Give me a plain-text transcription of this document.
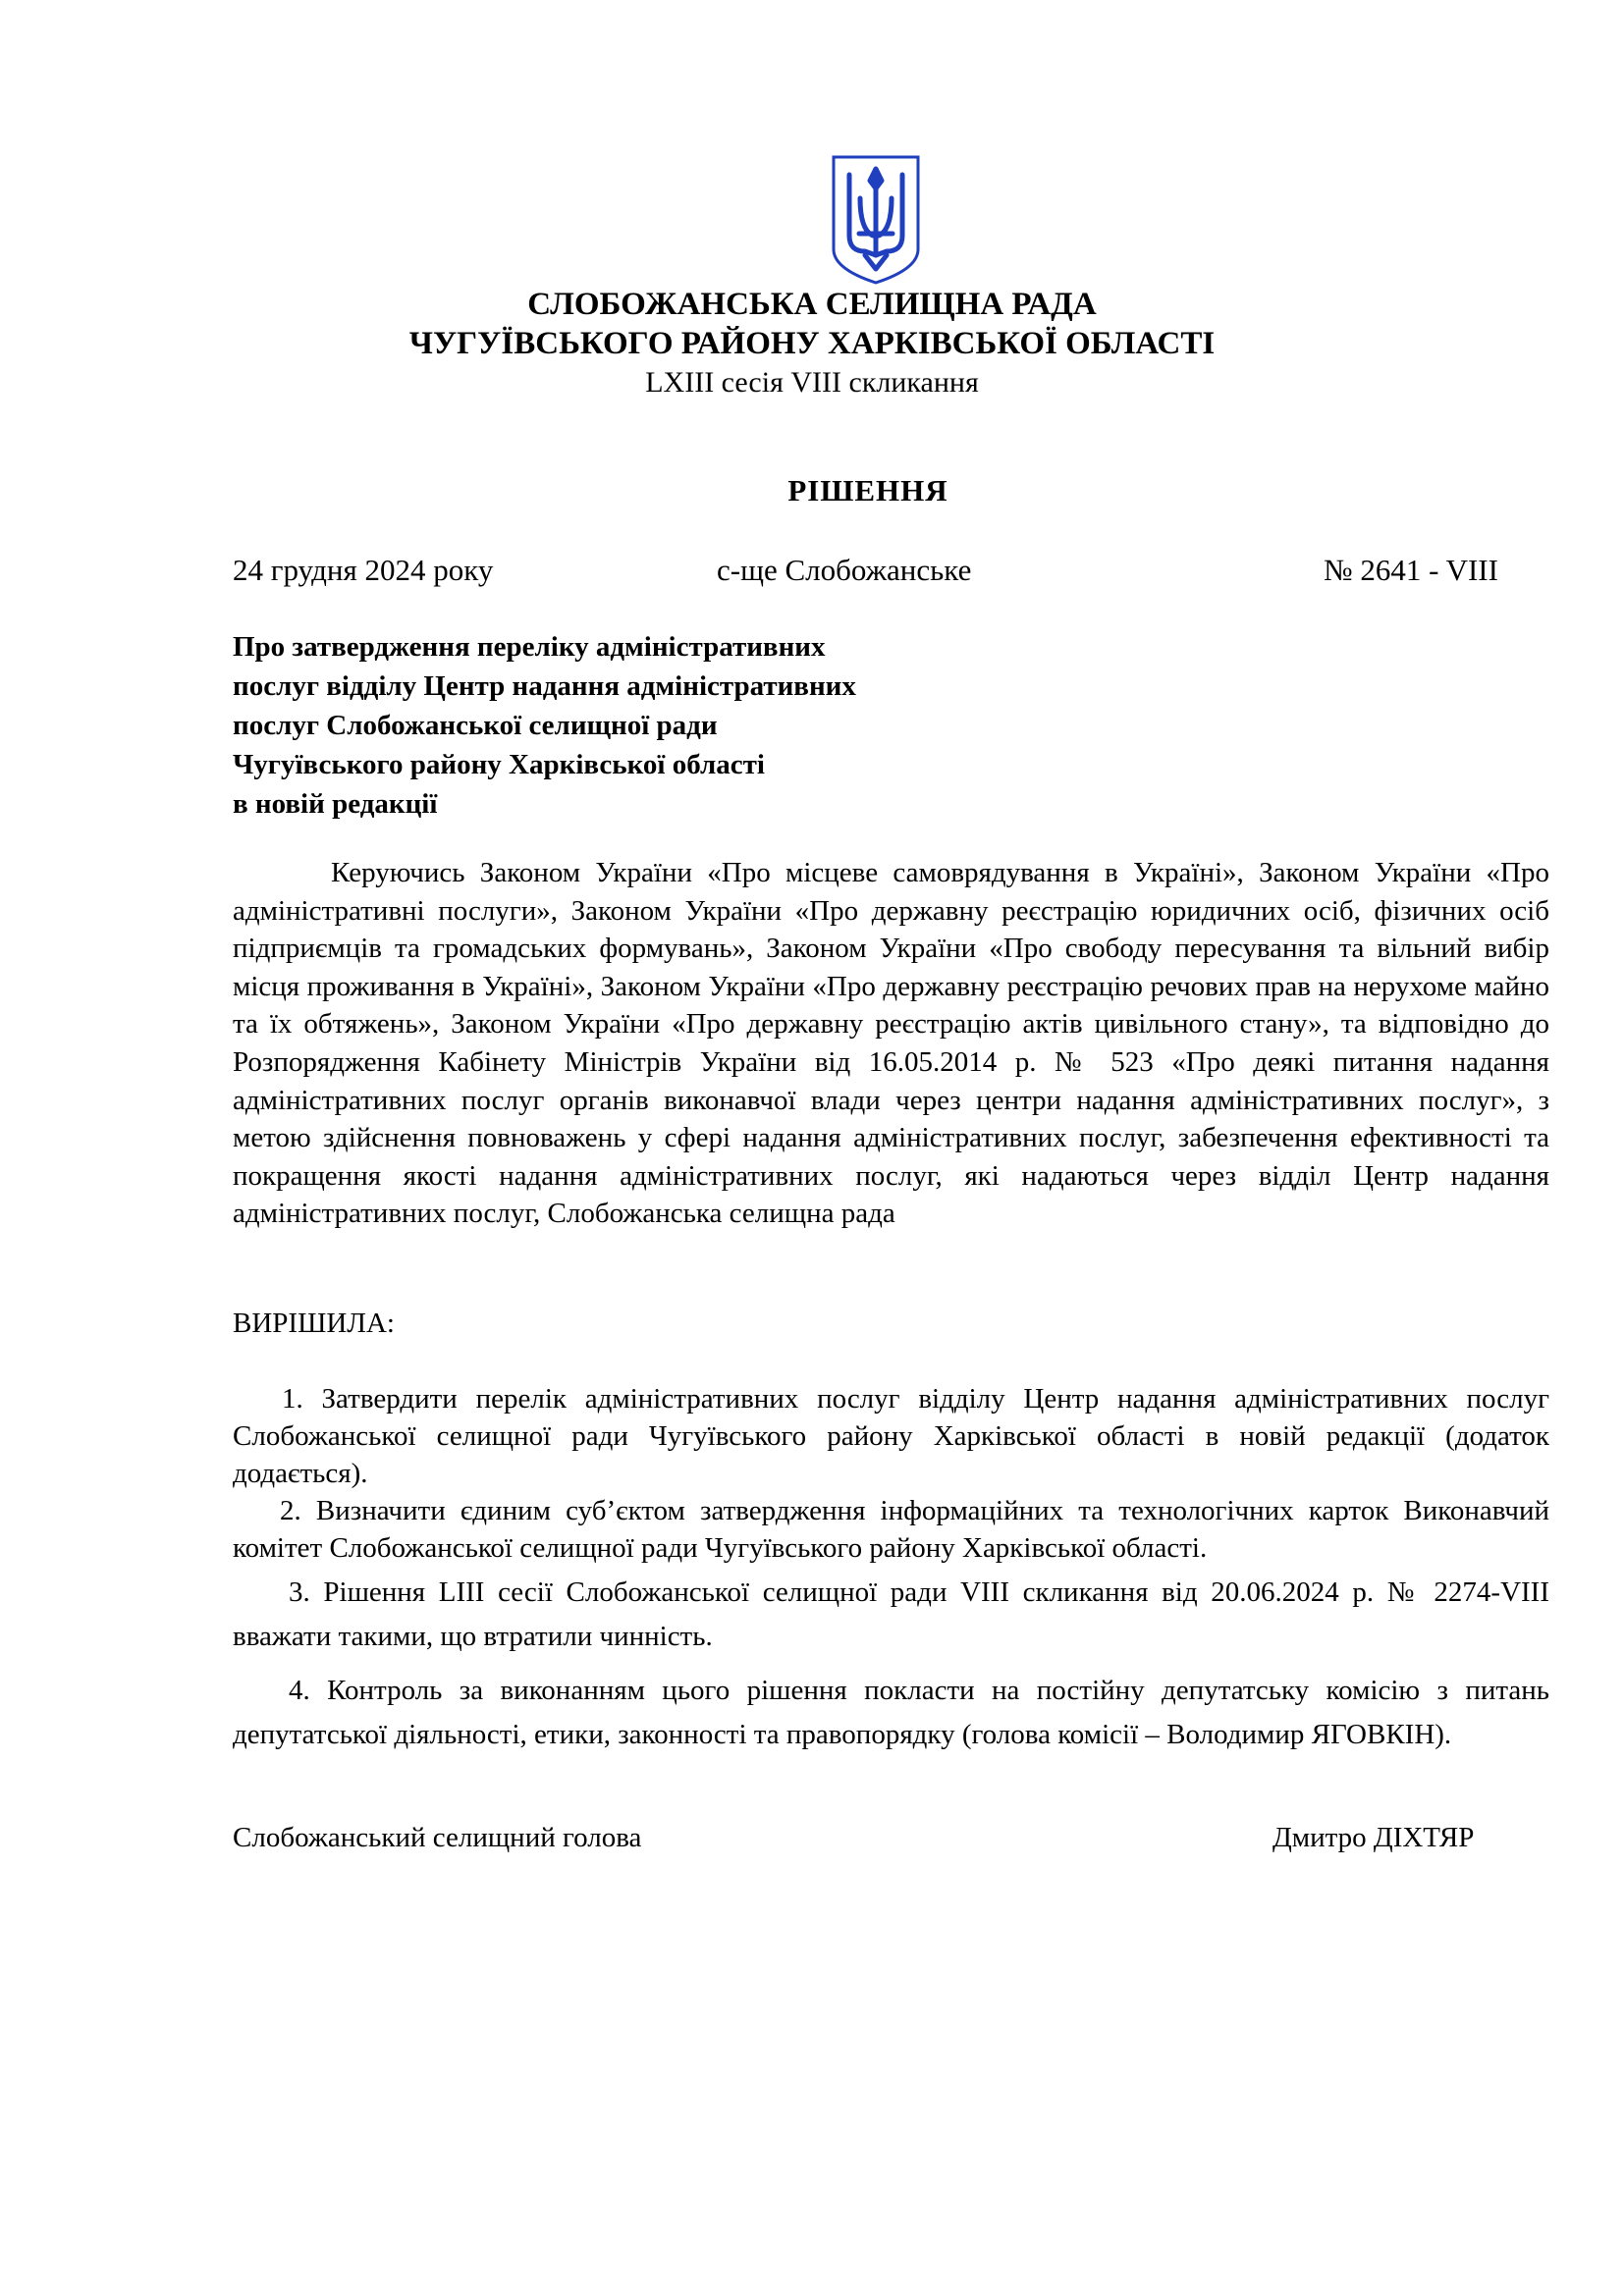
СЛОБОЖАНСЬКА СЕЛИЩНА РАДА

ЧУГУЇВСЬКОГО РАЙОНУ ХАРКІВСЬКОЇ ОБЛАСТІ

LXIII сесія VIII скликання

РІШЕННЯ
24 грудня 2024 року	с-ще Слобожанське	№ 2641 - VIII
Про затвердження переліку адміністративних
послуг відділу Центр надання адміністративних
послуг Слобожанської селищної ради
Чугуївського району Харківської області
в новій редакції

Керуючись Законом України «Про місцеве самоврядування в Україні», Законом України «Про адміністративні послуги», Законом України «Про державну реєстрацію юридичних осіб, фізичних осіб підприємців та громадських формувань», Законом України «Про свободу пересування та вільний вибір місця проживання в Україні», Законом України «Про державну реєстрацію речових прав на нерухоме майно та їх обтяжень», Законом України «Про державну реєстрацію актів цивільного стану», та відповідно до Розпорядження Кабінету Міністрів України від 16.05.2014 р. № 523 «Про деякі питання надання адміністративних послуг органів виконавчої влади через центри надання адміністративних послуг», з метою здійснення повноважень у сфері надання адміністративних послуг, забезпечення ефективності та покращення якості надання адміністративних послуг, які надаються через відділ Центр надання адміністративних послуг, Слобожанська селищна рада

ВИРІШИЛА:

1. Затвердити перелік адміністративних послуг відділу Центр надання адміністративних послуг Слобожанської селищної ради Чугуївського району Харківської області в новій редакції (додаток додається).

2. Визначити єдиним суб’єктом затвердження інформаційних та технологічних карток Виконавчий комітет Слобожанської селищної ради Чугуївського району Харківської області.

3. Рішення LIII сесії Слобожанської селищної ради VIII скликання від 20.06.2024 р. № 2274-VIII вважати такими, що втратили чинність.

4. Контроль за виконанням цього рішення покласти на постійну депутатську комісію з питань депутатської діяльності, етики, законності та правопорядку (голова комісії – Володимир ЯГОВКІН).

Слобожанський селищний голова	Дмитро ДІХТЯР
